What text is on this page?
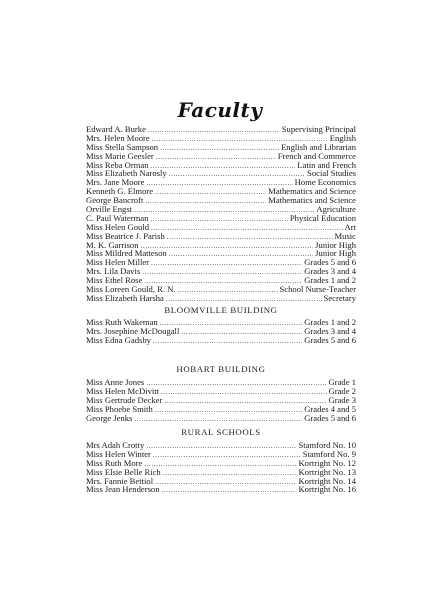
Faculty
Edward A. Burke .....	Supervising Principal
Mrs. Helen Moore .....	English
Miss Stella Sampson .....	English and Librarian
Miss Marie Geesler .....	French and Commerce
Miss Reba Orman .....	Latin and French
Miss Elizabeth Narosly .....	Social Studies
Mrs. Jane Moore .....	Home Economics
Kenneth G. Elmore .....	Mathematics and Science
George Bancroft .....	Mathematics and Science
Orville Engst .....	Agriculture
C. Paul Waterman .....	Physical Education
Miss Helen Gould .....	Art
Miss Beatrice J. Parish .....	Music
M. K. Garrison .....	Junior High
Miss Mildred Matteson .....	Junior High
Miss Helen Miller .....	Grades 5 and 6
Mrs. Lila Davis .....	Grades 3 and 4
Miss Ethel Rose .....	Grades 1 and 2
Miss Loreen Gould, R. N. .....	School Nurse-Teacher
Miss Elizabeth Harsha .....	Secretary
BLOOMVILLE BUILDING
Miss Ruth Wakeman .....	Grades 1 and 2
Mrs. Josephine McDougall .....	Grades 3 and 4
Miss Edna Gadsby .....	Grades 5 and 6
HOBART BUILDING
Miss Anne Jones .....	Grade 1
Miss Helen McDivitt .....	Grade 2
Miss Gertrude Decker .....	Grade 3
Miss Phoebe Smith .....	Grades 4 and 5
George Jenks .....	Grades 5 and 6
RURAL SCHOOLS
Mrs Adah Crotty .....	Stamford No. 10
Miss Helen Winter .....	Stamford No. 9
Miss Ruth More .....	Kortright No. 12
Miss Elsie Belle Rich .....	Kortright No. 13
Mrs. Fannie Bettiol .....	Kortright No. 14
Miss Jean Henderson .....	Kortright No. 16
